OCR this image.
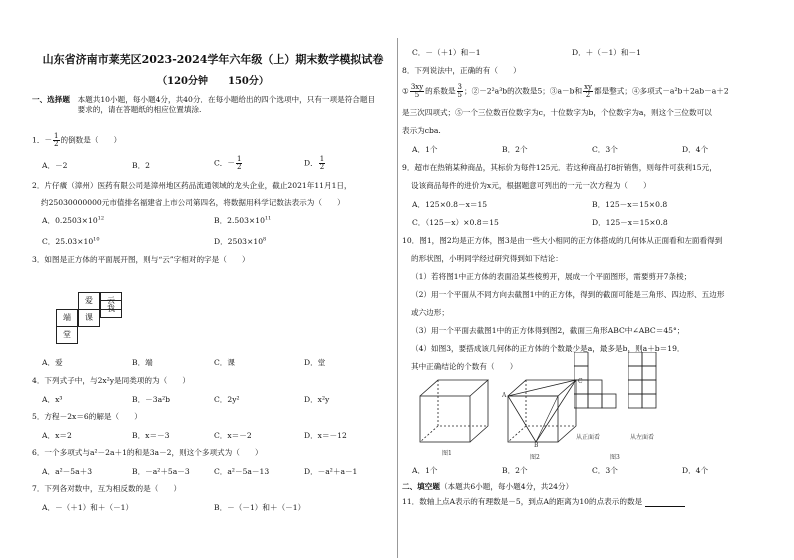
山东省济南市莱芜区2023-2024学年六年级（上）期末数学模拟试卷
（120分钟　　150分）
一、选择题　 本题共10小题，每小题4分，共40分．在每小题给出的四个选项中，只有一项是符合题目要求的，请在答题纸的相应位置填涂.
1．－ $\frac{1}{2}$ 的倒数是（　　）
A．－2	B．2	C．－ $\frac{1}{2}$	D． $\frac{1}{2}$
2．片仔癀（漳州）医药有限公司是漳州地区药品流通领域的龙头企业，截止2021年11月1日，
约25030000000元市值排名福建省上市公司第四名，将数据用科学记数法表示为（　　）
A．$0.2503\times 10^{12}$	B．$2.503\times 10^{11}$
C．$25.03\times 10^{10}$	D．$2503\times 10^8$
3．如图是正方体的平面展开图，则与“云”字相对的字是（　　）
我
爱	云
端	课
堂
A．爱	B．端	C．课	D．堂
4．下列式子中，与2x²y是同类项的为（　　）
A．x³	B．－3a²b	C．2y²	D．x²y
5．方程－2x＝6的解是（　　）
A．x＝2	B．x＝－3	C．x＝－2	D．x＝－12
6．一个多项式与a²－2a＋1的和是3a－2，则这个多项式为（　　）
A．a²－5a＋3	B．－a²＋5a－3	C．a²－5a－13	D．－a²＋a－1
7．下列各对数中，互为相反数的是（　　）
A．－（＋1）和＋（－1）	B．－（－1）和＋（－1）
C．－（＋1）和－1	D．＋（－1）和－1
8．下列说法中，正确的有（　　）
① $\frac{3xy}{5}$ 的系数是 $\frac{3}{5}$ ；②－2²a³b的次数是5；③a－b和 $\frac{xy}{2}$ 都是整式；④多项式－a²b＋2ab－a＋2
是三次四项式；⑤一个三位数百位数字为c，十位数字为b，个位数字为a，则这个三位数可以
表示为cba.
A．1个	B．2个	C．3个	D．4个
9．超市在热销某种商品，其标价为每件125元．若这种商品打8折销售，则每件可获利15元，
设该商品每件的进价为x元，根据题意可列出的一元一次方程为（　　）
A．125×0.8－x＝15	B．125－x＝15×0.8
C．（125－x）×0.8＝15	D．125－x＝15×0.8
10．图1，图2均是正方体，图3是由一些大小相同的正方体搭成的几何体从正面看和左面看得到
的形状图，小明同学经过研究得到如下结论：
（1）若将图1中正方体的表面沿某些棱剪开，展成一个平面图形，需要剪开7条棱；
（2）用一个平面从不同方向去截图1中的正方体，得到的截面可能是三角形、四边形、五边形
或六边形；
（3）用一个平面去截图1中的正方体得到图2，截面三角形ABC中∠ABC＝45°；
（4）如图3，要搭成该几何体的正方体的个数最少是a，最多是b，则a＋b＝19．
其中正确结论的个数有（　　）
图1
A
C
B
图2
从正面看	从左面看
图3
A．1个	B．2个	C．3个	D．4个
二、填空题（本题共6小题，每小题4分，共24分）
11．数轴上点A表示的有理数是－5，到点A的距离为10的点表示的数是
